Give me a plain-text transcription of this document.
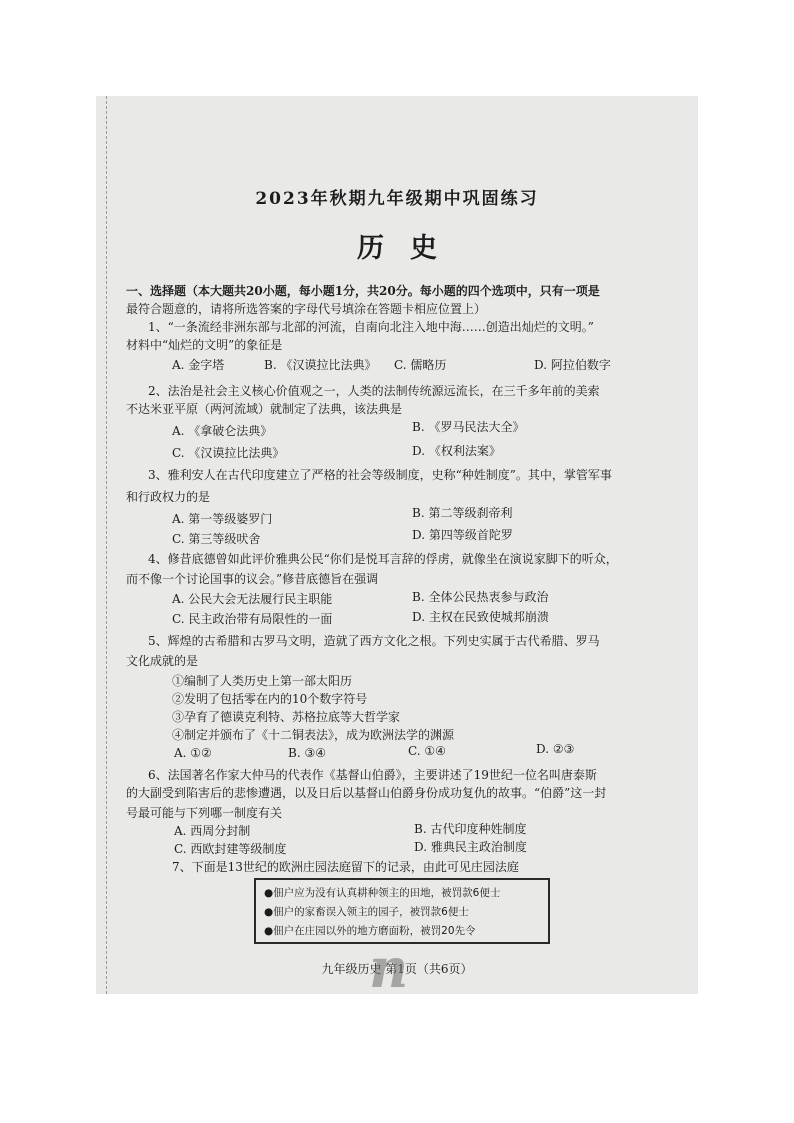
2023年秋期九年级期中巩固练习
历史
一、选择题（本大题共20小题，每小题1分，共20分。每小题的四个选项中，只有一项是
最符合题意的，请将所选答案的字母代号填涂在答题卡相应位置上）
1、“一条流经非洲东部与北部的河流，自南向北注入地中海……创造出灿烂的文明。”
材料中“灿烂的文明”的象征是
A. 金字塔	B. 《汉谟拉比法典》 C. 儒略历	D. 阿拉伯数字
2、法治是社会主义核心价值观之一，人类的法制传统源远流长，在三千多年前的美索
不达米亚平原（两河流域）就制定了法典，该法典是
A. 《拿破仑法典》	B. 《罗马民法大全》
C. 《汉谟拉比法典》	D. 《权利法案》
3、雅利安人在古代印度建立了严格的社会等级制度，史称“种姓制度”。其中，掌管军事
和行政权力的是
A. 第一等级婆罗门	B. 第二等级刹帝利
C. 第三等级吠舍	D. 第四等级首陀罗
4、修昔底德曾如此评价雅典公民“你们是悦耳言辞的俘虏，就像坐在演说家脚下的听众，
而不像一个讨论国事的议会。”修昔底德旨在强调
A. 公民大会无法履行民主职能	B. 全体公民热衷参与政治
C. 民主政治带有局限性的一面	D. 主权在民致使城邦崩溃
5、辉煌的古希腊和古罗马文明，造就了西方文化之根。下列史实属于古代希腊、罗马
文化成就的是
①编制了人类历史上第一部太阳历
②发明了包括零在内的10个数字符号
③孕育了德谟克利特、苏格拉底等大哲学家
④制定并颁布了《十二铜表法》，成为欧洲法学的渊源
A. ①②	B. ③④	C. ①④	D. ②③
6、法国著名作家大仲马的代表作《基督山伯爵》，主要讲述了19世纪一位名叫唐泰斯
的大副受到陷害后的悲惨遭遇，以及日后以基督山伯爵身份成功复仇的故事。“伯爵”这一封
号最可能与下列哪一制度有关
A. 西周分封制	B. 古代印度种姓制度
C. 西欧封建等级制度	D. 雅典民主政治制度
7、下面是13世纪的欧洲庄园法庭留下的记录，由此可见庄园法庭
●佃户应为没有认真耕种领主的田地，被罚款6便士
●佃户的家畜误入领主的园子，被罚款6便士
●佃户在庄园以外的地方磨面粉，被罚20先令
九年级历史 第1页（共6页）
n
